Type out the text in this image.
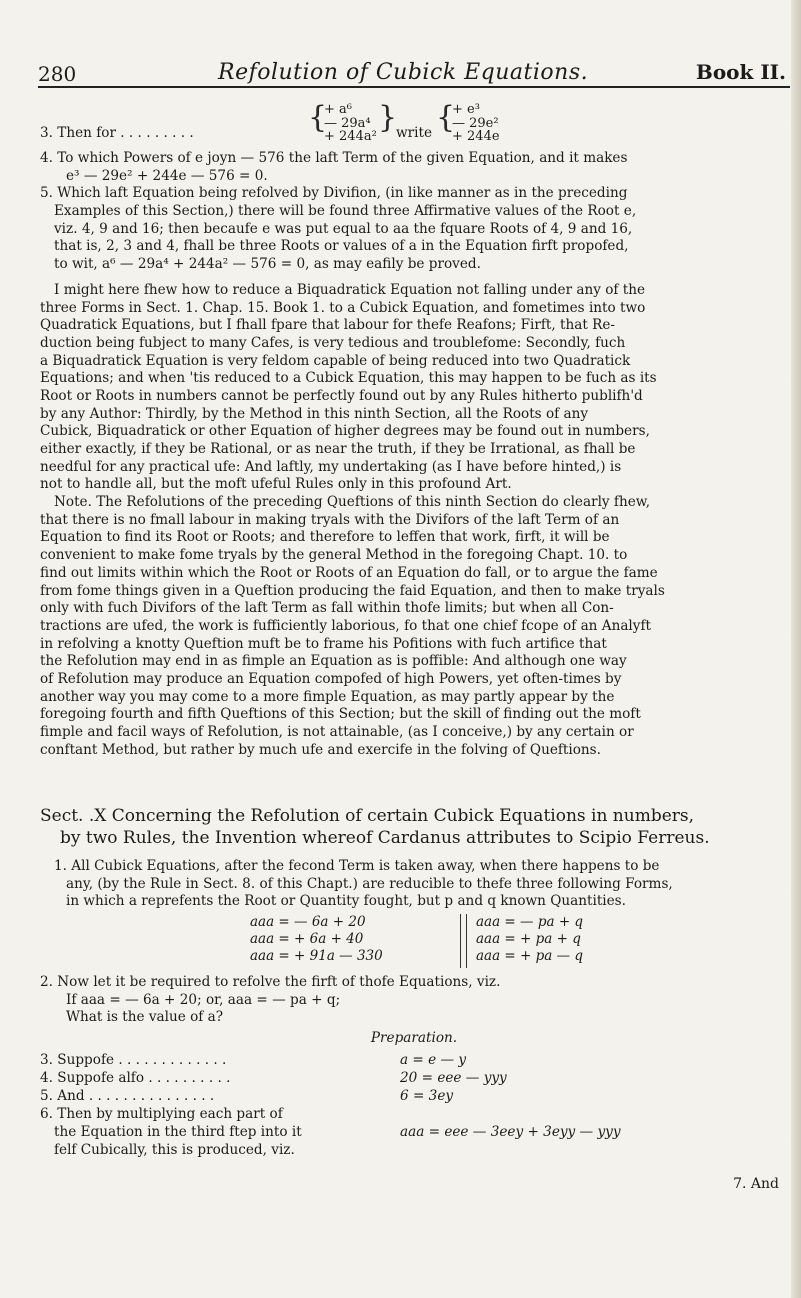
280	Refolution of Cubick Equations.	Book II.
3. Then for . . . . . . . . .	{
+ a⁶
— 29a⁴
+ 244a²
}
write {
+ e³
— 29e²
+ 244e
4. To which Powers of e joyn — 576 the laft Term of the given Equation, and it makes
e³ — 29e² + 244e — 576 = 0.
5. Which laft Equation being refolved by Divifion, (in like manner as in the preceding
Examples of this Section,) there will be found three Affirmative values of the Root e,
viz. 4, 9 and 16; then becaufe e was put equal to aa the fquare Roots of 4, 9 and 16,
that is, 2, 3 and 4, fhall be three Roots or values of a in the Equation firft propofed,
to wit, a⁶ — 29a⁴ + 244a² — 576 = 0, as may eafily be proved.
I might here fhew how to reduce a Biquadratick Equation not falling under any of the
three Forms in Sect. 1. Chap. 15. Book 1. to a Cubick Equation, and fometimes into two
Quadratick Equations, but I fhall fpare that labour for thefe Reafons; Firft, that Re-
duction being fubject to many Cafes, is very tedious and troublefome: Secondly, fuch
a Biquadratick Equation is very feldom capable of being reduced into two Quadratick
Equations; and when 'tis reduced to a Cubick Equation, this may happen to be fuch as its
Root or Roots in numbers cannot be perfectly found out by any Rules hitherto publifh'd
by any Author: Thirdly, by the Method in this ninth Section, all the Roots of any
Cubick, Biquadratick or other Equation of higher degrees may be found out in numbers,
either exactly, if they be Rational, or as near the truth, if they be Irrational, as fhall be
needful for any practical ufe: And laftly, my undertaking (as I have before hinted,) is
not to handle all, but the moft ufeful Rules only in this profound Art.
Note. The Refolutions of the preceding Queftions of this ninth Section do clearly fhew,
that there is no fmall labour in making tryals with the Divifors of the laft Term of an
Equation to find its Root or Roots; and therefore to leffen that work, firft, it will be
convenient to make fome tryals by the general Method in the foregoing Chapt. 10. to
find out limits within which the Root or Roots of an Equation do fall, or to argue the fame
from fome things given in a Queftion producing the faid Equation, and then to make tryals
only with fuch Divifors of the laft Term as fall within thofe limits; but when all Con-
tractions are ufed, the work is fufficiently laborious, fo that one chief fcope of an Analyft
in refolving a knotty Queftion muft be to frame his Pofitions with fuch artifice that
the Refolution may end in as fimple an Equation as is poffible: And although one way
of Refolution may produce an Equation compofed of high Powers, yet often-times by
another way you may come to a more fimple Equation, as may partly appear by the
foregoing fourth and fifth Queftions of this Section; but the skill of finding out the moft
fimple and facil ways of Refolution, is not attainable, (as I conceive,) by any certain or
conftant Method, but rather by much ufe and exercife in the folving of Queftions.
Sect. .X Concerning the Refolution of certain Cubick Equations in numbers,
by two Rules, the Invention whereof Cardanus attributes to Scipio Ferreus.
1. All Cubick Equations, after the fecond Term is taken away, when there happens to be
any, (by the Rule in Sect. 8. of this Chapt.) are reducible to thefe three following Forms,
in which a reprefents the Root or Quantity fought, but p and q known Quantities.
aaa = — 6a + 20	aaa = — pa + q
aaa = + 6a + 40	aaa = + pa + q
aaa = + 91a — 330	aaa = + pa — q
2. Now let it be required to refolve the firft of thofe Equations, viz.
If aaa = — 6a + 20; or, aaa = — pa + q;
What is the value of a?
Preparation.
3. Suppofe . . . . . . . . . . . . .	a = e — y
4. Suppofe alfo . . . . . . . . . .	20 = eee — yyy
5. And . . . . . . . . . . . . . . .	6 = 3ey
6. Then by multiplying each part of
the Equation in the third ftep into it
felf Cubically, this is produced, viz.
aaa = eee — 3eey + 3eyy — yyy
7. And
